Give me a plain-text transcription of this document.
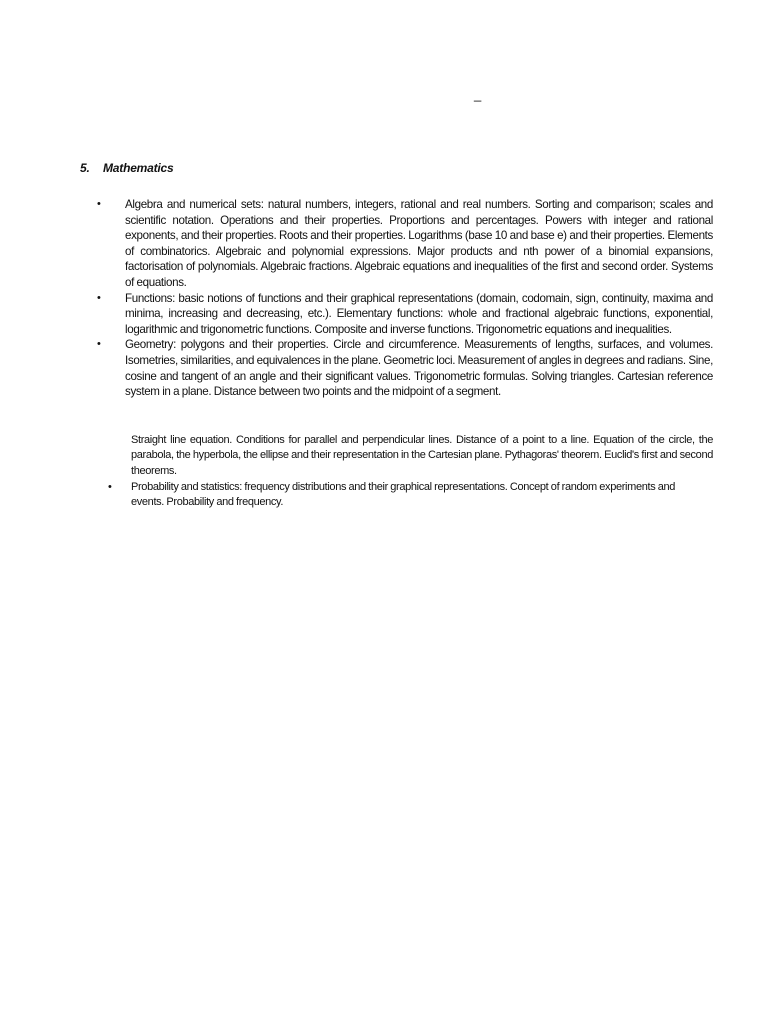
_
5. Mathematics
•	Algebra and numerical sets: natural numbers, integers, rational and real numbers. Sorting and comparison; scales and scientific notation. Operations and their properties. Proportions and percentages. Powers with integer and rational exponents, and their properties. Roots and their properties. Logarithms (base 10 and base e) and their properties. Elements of combinatorics. Algebraic and polynomial expressions. Major products and nth power of a binomial expansions, factorisation of polynomials. Algebraic fractions. Algebraic equations and inequalities of the first and second order. Systems of equations.
•	Functions: basic notions of functions and their graphical representations (domain, codomain, sign, continuity, maxima and minima, increasing and decreasing, etc.). Elementary functions: whole and fractional algebraic functions, exponential, logarithmic and trigonometric functions. Composite and inverse functions. Trigonometric equations and inequalities.
•	Geometry: polygons and their properties. Circle and circumference. Measurements of lengths, surfaces, and volumes. Isometries, similarities, and equivalences in the plane. Geometric loci. Measurement of angles in degrees and radians. Sine, cosine and tangent of an angle and their significant values. Trigonometric formulas. Solving triangles. Cartesian reference system in a plane. Distance between two points and the midpoint of a segment.
Straight line equation. Conditions for parallel and perpendicular lines. Distance of a point to a line. Equation of the circle, the parabola, the hyperbola, the ellipse and their representation in the Cartesian plane. Pythagoras' theorem. Euclid's first and second theorems.
• Probability and statistics: frequency distributions and their graphical representations. Concept of random experiments and events. Probability and frequency.
